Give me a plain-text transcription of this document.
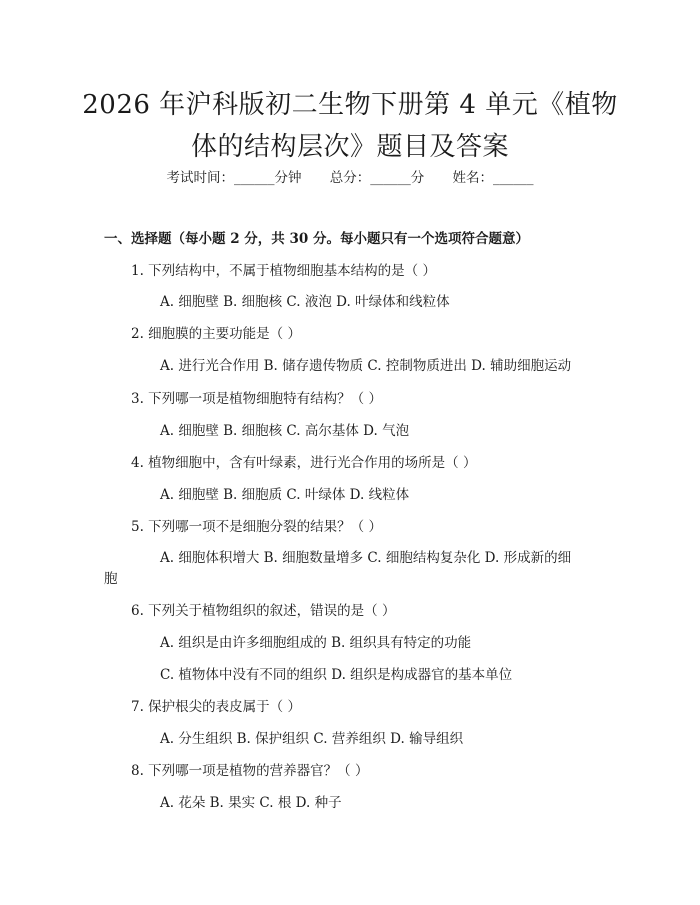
2026 年沪科版初二生物下册第 4 单元《植物
体的结构层次》题目及答案
考试时间：______分钟 总分：______分 姓名：______
一、选择题（每小题 2 分，共 30 分。每小题只有一个选项符合题意）
1. 下列结构中，不属于植物细胞基本结构的是（ ）
A. 细胞壁 B. 细胞核 C. 液泡 D. 叶绿体和线粒体
2. 细胞膜的主要功能是（ ）
A. 进行光合作用 B. 储存遗传物质 C. 控制物质进出 D. 辅助细胞运动
3. 下列哪一项是植物细胞特有结构？（ ）
A. 细胞壁 B. 细胞核 C. 高尔基体 D. 气泡
4. 植物细胞中，含有叶绿素，进行光合作用的场所是（ ）
A. 细胞壁 B. 细胞质 C. 叶绿体 D. 线粒体
5. 下列哪一项不是细胞分裂的结果？（ ）
A. 细胞体积增大 B. 细胞数量增多 C. 细胞结构复杂化 D. 形成新的细
胞
6. 下列关于植物组织的叙述，错误的是（ ）
A. 组织是由许多细胞组成的 B. 组织具有特定的功能
C. 植物体中没有不同的组织 D. 组织是构成器官的基本单位
7. 保护根尖的表皮属于（ ）
A. 分生组织 B. 保护组织 C. 营养组织 D. 输导组织
8. 下列哪一项是植物的营养器官？（ ）
A. 花朵 B. 果实 C. 根 D. 种子
